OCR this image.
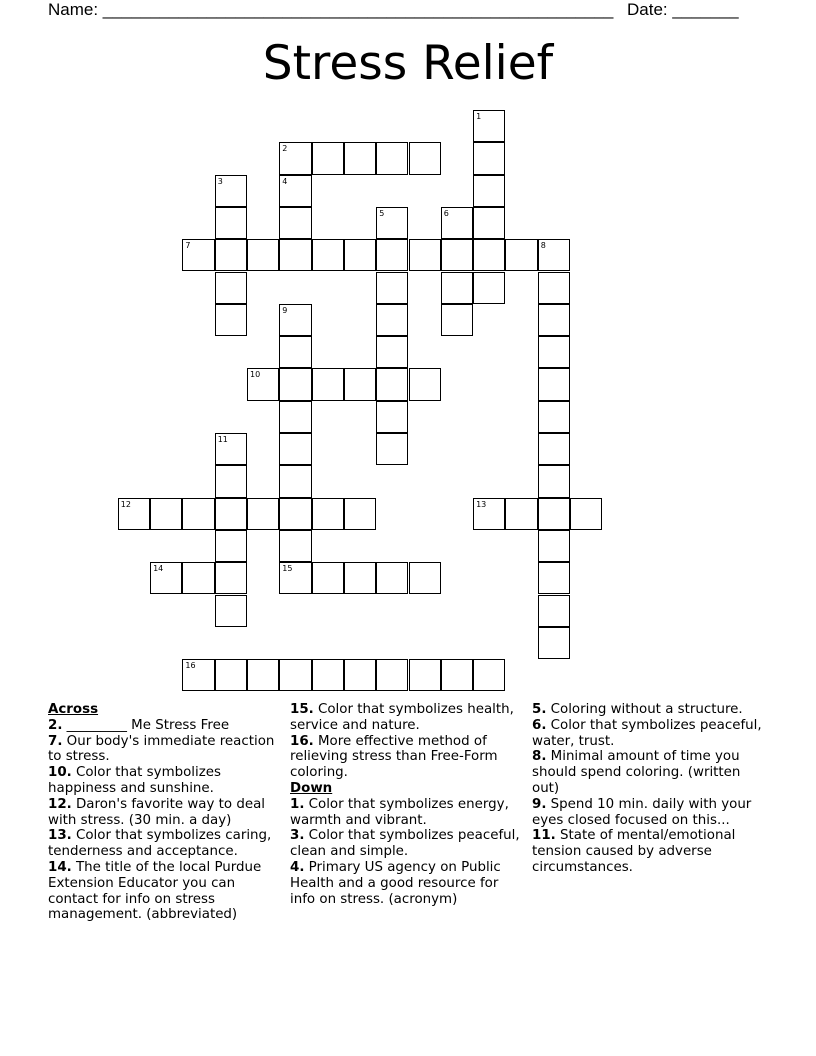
Name: ______________________________________________________ Date: _______
Stress Relief
1
2
3	4
5	6
7	8
9
10
11
12	13
14	15
16
Across

2. _________ Me Stress Free

7. Our body's immediate reaction to stress.

10. Color that symbolizes happiness and sunshine.

12. Daron's favorite way to deal with stress. (30 min. a day)

13. Color that symbolizes caring, tenderness and acceptance.

14. The title of the local Purdue Extension Educator you can contact for info on stress management. (abbreviated)

15. Color that symbolizes health, service and nature.

16. More effective method of relieving stress than Free-Form coloring.

Down

1. Color that symbolizes energy, warmth and vibrant.

3. Color that symbolizes peaceful, clean and simple.

4. Primary US agency on Public Health and a good resource for info on stress. (acronym)

5. Coloring without a structure.

6. Color that symbolizes peaceful, water, trust.

8. Minimal amount of time you should spend coloring. (written out)

9. Spend 10 min. daily with your eyes closed focused on this...

11. State of mental/emotional tension caused by adverse circumstances.
